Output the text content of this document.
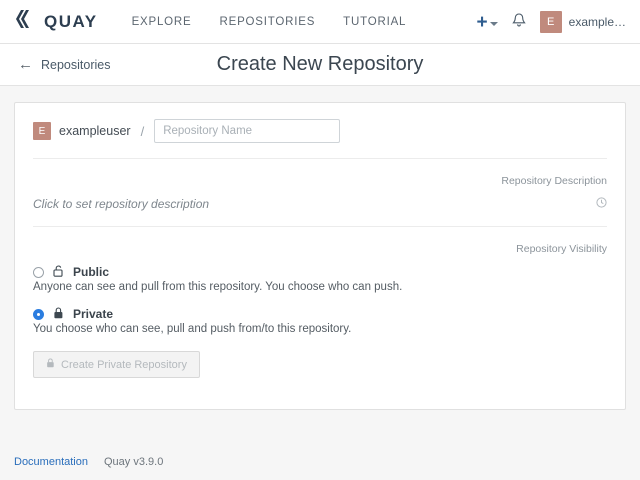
QUAY	EXPLORE REPOSITORIES TUTORIAL	+	E	example…
← Repositories	Create New Repository
E	exampleuser /
Repository Name
Repository Description
Click to set repository description
Repository Visibility
Public
Anyone can see and pull from this repository. You choose who can push.
Private
You choose who can see, pull and push from/to this repository.
Create Private Repository
Documentation Quay v3.9.0
